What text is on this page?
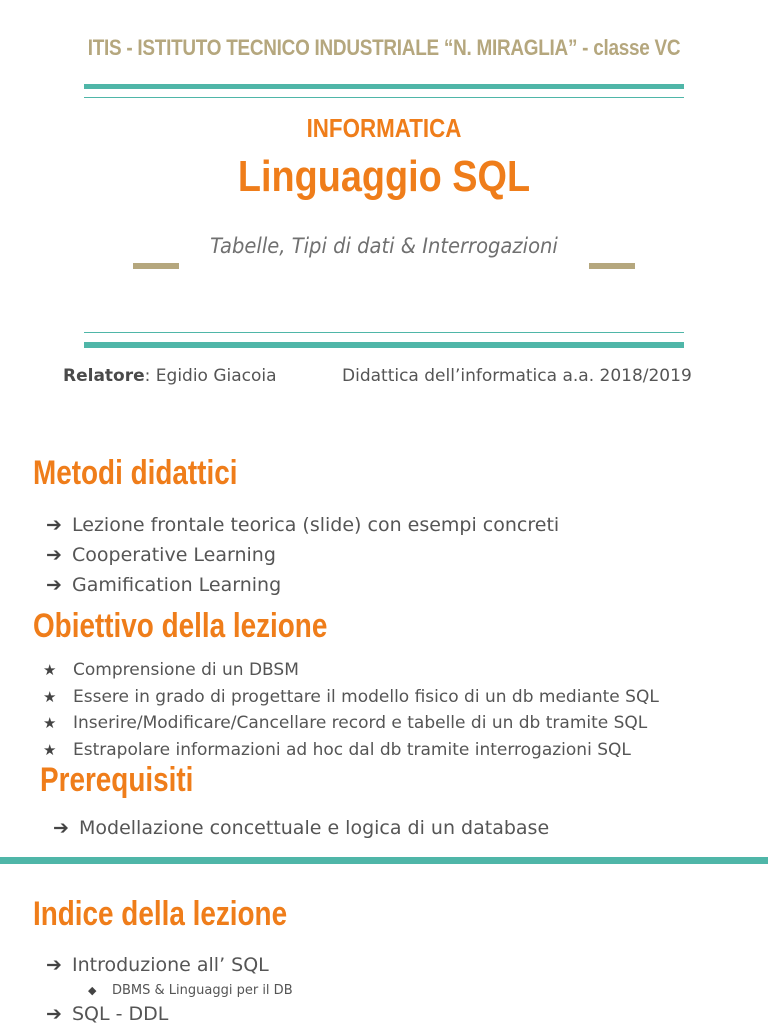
ITIS - ISTITUTO TECNICO INDUSTRIALE “N. MIRAGLIA” - classe VC
INFORMATICA
Linguaggio SQL
Tabelle, Tipi di dati & Interrogazioni
Relatore: Egidio Giacoia	Didattica dell’informatica a.a. 2018/2019
Metodi didattici
➔ Lezione frontale teorica (slide) con esempi concreti
➔ Cooperative Learning
➔ Gamification Learning
Obiettivo della lezione
★ Comprensione di un DBSM
★ Essere in grado di progettare il modello fisico di un db mediante SQL
★ Inserire/Modificare/Cancellare record e tabelle di un db tramite SQL
★ Estrapolare informazioni ad hoc dal db tramite interrogazioni SQL
Prerequisiti
➔ Modellazione concettuale e logica di un database
Indice della lezione
➔ Introduzione all’ SQL
◆	DBMS & Linguaggi per il DB
➔ SQL - DDL
